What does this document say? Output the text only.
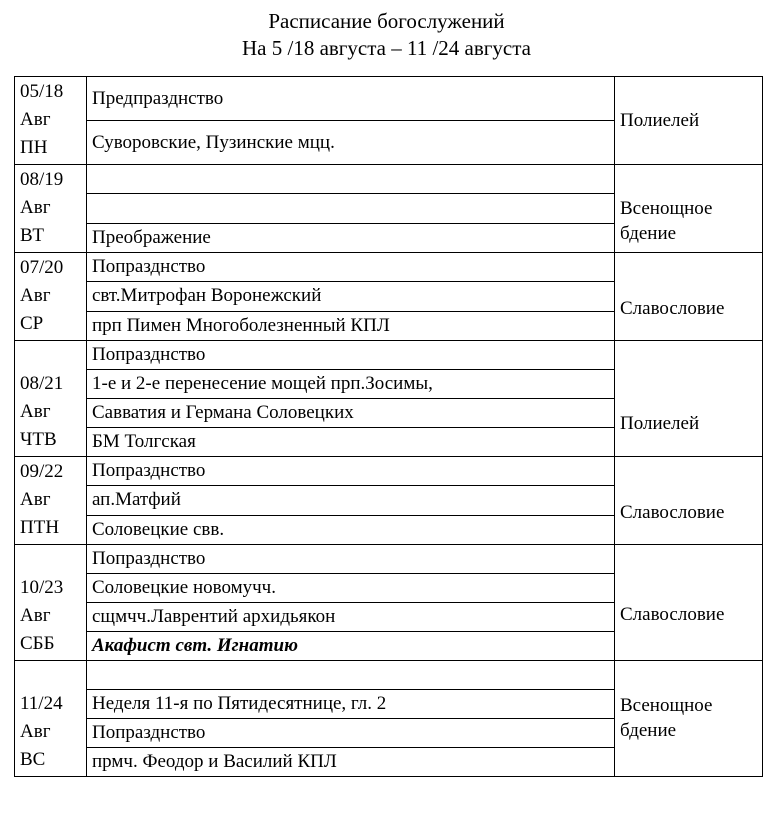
Расписание богослужений
На 5 /18 августа – 11 /24 августа
05/18
Авг
ПН	Предпразднство	Полиелей

	Суворовские, Пузинские мцц.	

08/19
Авг
ВТ		Всенощное
бдение

	Преображение	

07/20
Авг
СР	Попразднство	Славословие

	свт.Митрофан Воронежский	
	прп Пимен Многоболезненный КПЛ	

08/21
Авг
ЧТВ	Попразднство	Полиелей

	1-е и 2-е перенесение мощей прп.Зосимы,	
	Савватия и Германа Соловецких	
	БМ Толгская	

09/22
Авг
ПТН	Попразднство	Славословие

	ап.Матфий	
	Соловецкие свв.	

10/23
Авг
СББ	Попразднство	Славословие

	Соловецкие новомучч.	
	сщмчч.Лаврентий архидьякон	
	Акафист свт. Игнатию	

11/24
Авг
ВС		Всенощное
бдение

	Неделя 11-я по Пятидесятнице, гл. 2	
	Попразднство	
	прмч. Феодор и Василий КПЛ	
